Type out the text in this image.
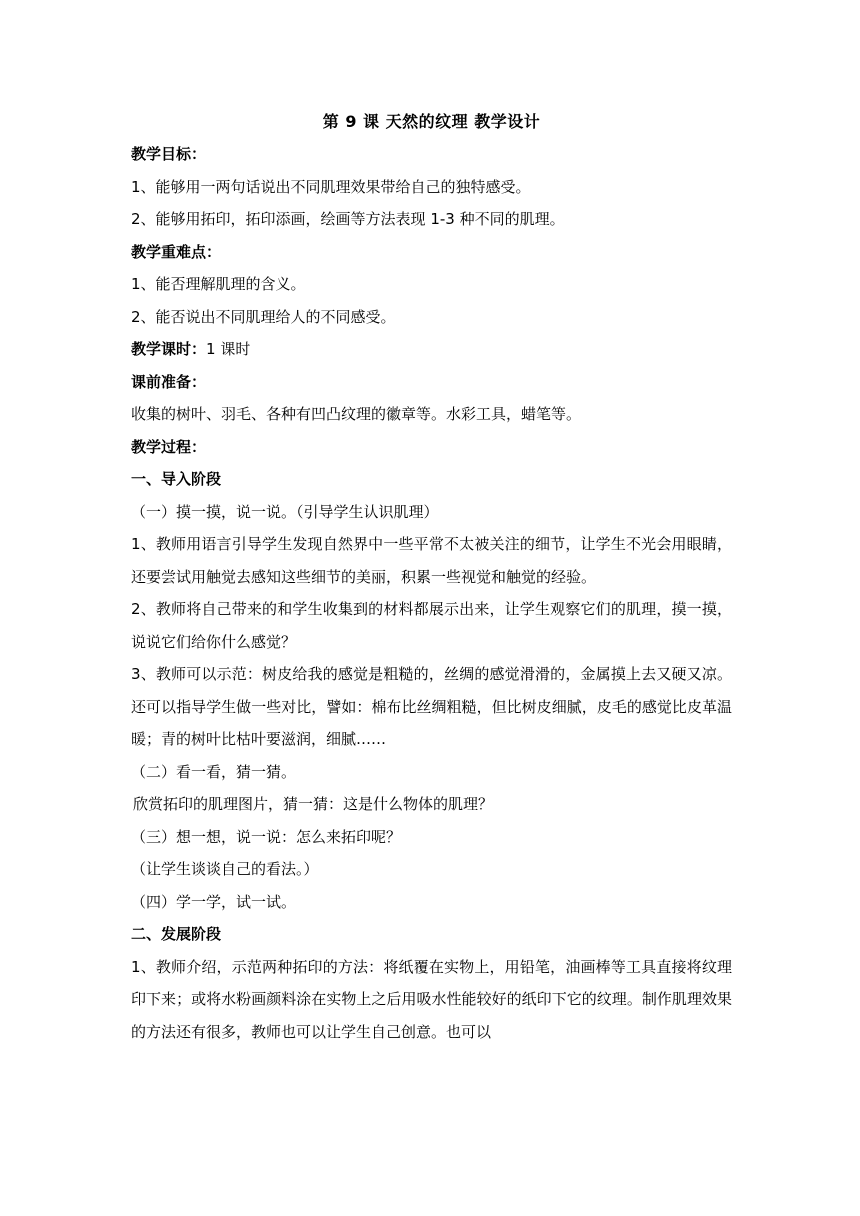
第 9 课 天然的纹理 教学设计

教学目标：

1、能够用一两句话说出不同肌理效果带给自己的独特感受。

2、能够用拓印，拓印添画，绘画等方法表现 1-3 种不同的肌理。

教学重难点：

1、能否理解肌理的含义。

2、能否说出不同肌理给人的不同感受。

教学课时：1 课时

课前准备：

收集的树叶、羽毛、各种有凹凸纹理的徽章等。水彩工具，蜡笔等。

教学过程：

一、导入阶段

（一）摸一摸，说一说。（引导学生认识肌理）

1、教师用语言引导学生发现自然界中一些平常不太被关注的细节，让学生不光会用眼睛，还要尝试用触觉去感知这些细节的美丽，积累一些视觉和触觉的经验。

2、教师将自己带来的和学生收集到的材料都展示出来，让学生观察它们的肌理，摸一摸，说说它们给你什么感觉？

3、教师可以示范：树皮给我的感觉是粗糙的，丝绸的感觉滑滑的，金属摸上去又硬又凉。还可以指导学生做一些对比，譬如：棉布比丝绸粗糙，但比树皮细腻，皮毛的感觉比皮革温暖；青的树叶比枯叶要滋润，细腻……

（二）看一看，猜一猜。

欣赏拓印的肌理图片，猜一猜：这是什么物体的肌理？

（三）想一想，说一说：怎么来拓印呢？

（让学生谈谈自己的看法。）

（四）学一学，试一试。

二、发展阶段

1、教师介绍，示范两种拓印的方法：将纸覆在实物上，用铅笔，油画棒等工具直接将纹理印下来；或将水粉画颜料涂在实物上之后用吸水性能较好的纸印下它的纹理。制作肌理效果的方法还有很多，教师也可以让学生自己创意。也可以
